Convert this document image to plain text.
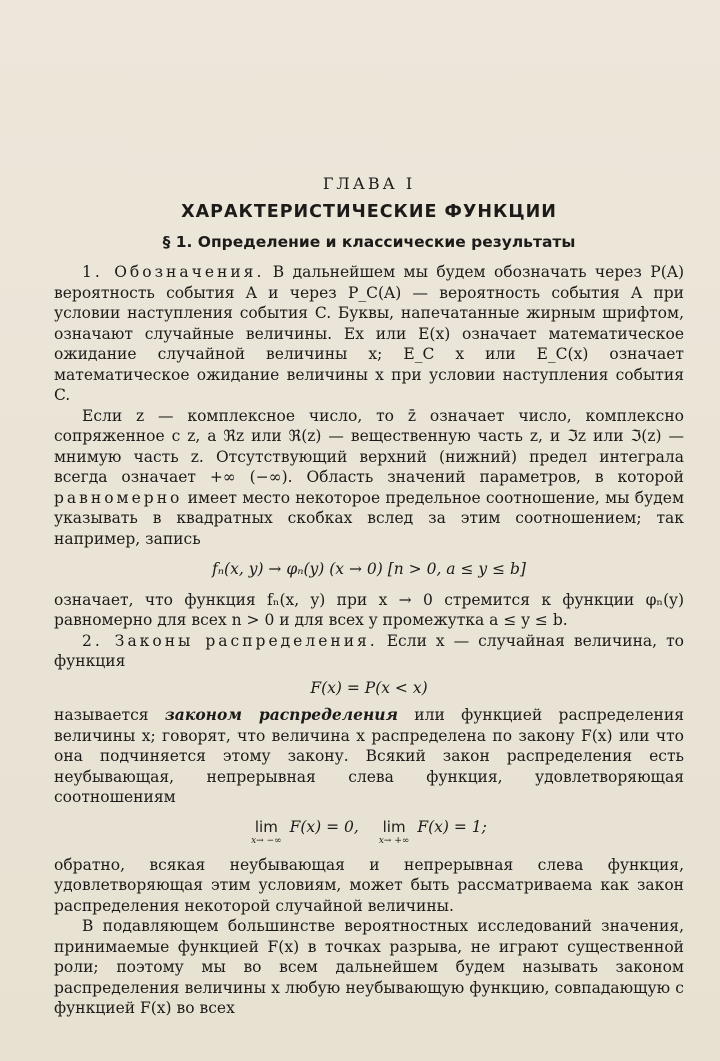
ГЛАВА I
ХАРАКТЕРИСТИЧЕСКИЕ ФУНКЦИИ
§ 1. Определение и классические результаты

1. Обозначения. В дальнейшем мы будем обозначать через P(A) вероятность события A и через P_C(A) — вероятность события A при условии наступления события C. Буквы, напечатанные жирным шрифтом, означают случайные величины. Ex или E(x) означает математическое ожидание случайной величины x; E_C x или E_C(x) означает математическое ожидание величины x при условии наступления события C.

Если z — комплексное число, то z̄ означает число, комплексно сопряженное с z, а ℜz или ℜ(z) — вещественную часть z, и ℑz или ℑ(z) — мнимую часть z. Отсутствующий верхний (нижний) предел интеграла всегда означает +∞ (−∞). Область значений параметров, в которой равномерно имеет место некоторое предельное соотношение, мы будем указывать в квадратных скобках вслед за этим соотношением; так например, запись

fₙ(x, y) → φₙ(y) (x → 0) [n > 0, a ≤ y ≤ b]

означает, что функция fₙ(x, y) при x → 0 стремится к функции φₙ(y) равномерно для всех n > 0 и для всех y промежутка a ≤ y ≤ b.

2. Законы распределения. Если x — случайная величина, то функция

F(x) = P(x < x)

называется законом распределения или функцией распределения величины x; говорят, что величина x распределена по закону F(x) или что она подчиняется этому закону. Всякий закон распределения есть неубывающая, непрерывная слева функция, удовлетворяющая соотношениям

lim
x→ −∞
F(x) = 0, lim
x→ +∞
F(x) = 1;

обратно, всякая неубывающая и непрерывная слева функция, удовлетворяющая этим условиям, может быть рассматриваема как закон распределения некоторой случайной величины.

В подавляющем большинстве вероятностных исследований значения, принимаемые функцией F(x) в точках разрыва, не играют существенной роли; поэтому мы во всем дальнейшем будем называть законом распределения величины x любую неубывающую функцию, совпадающую с функцией F(x) во всех
